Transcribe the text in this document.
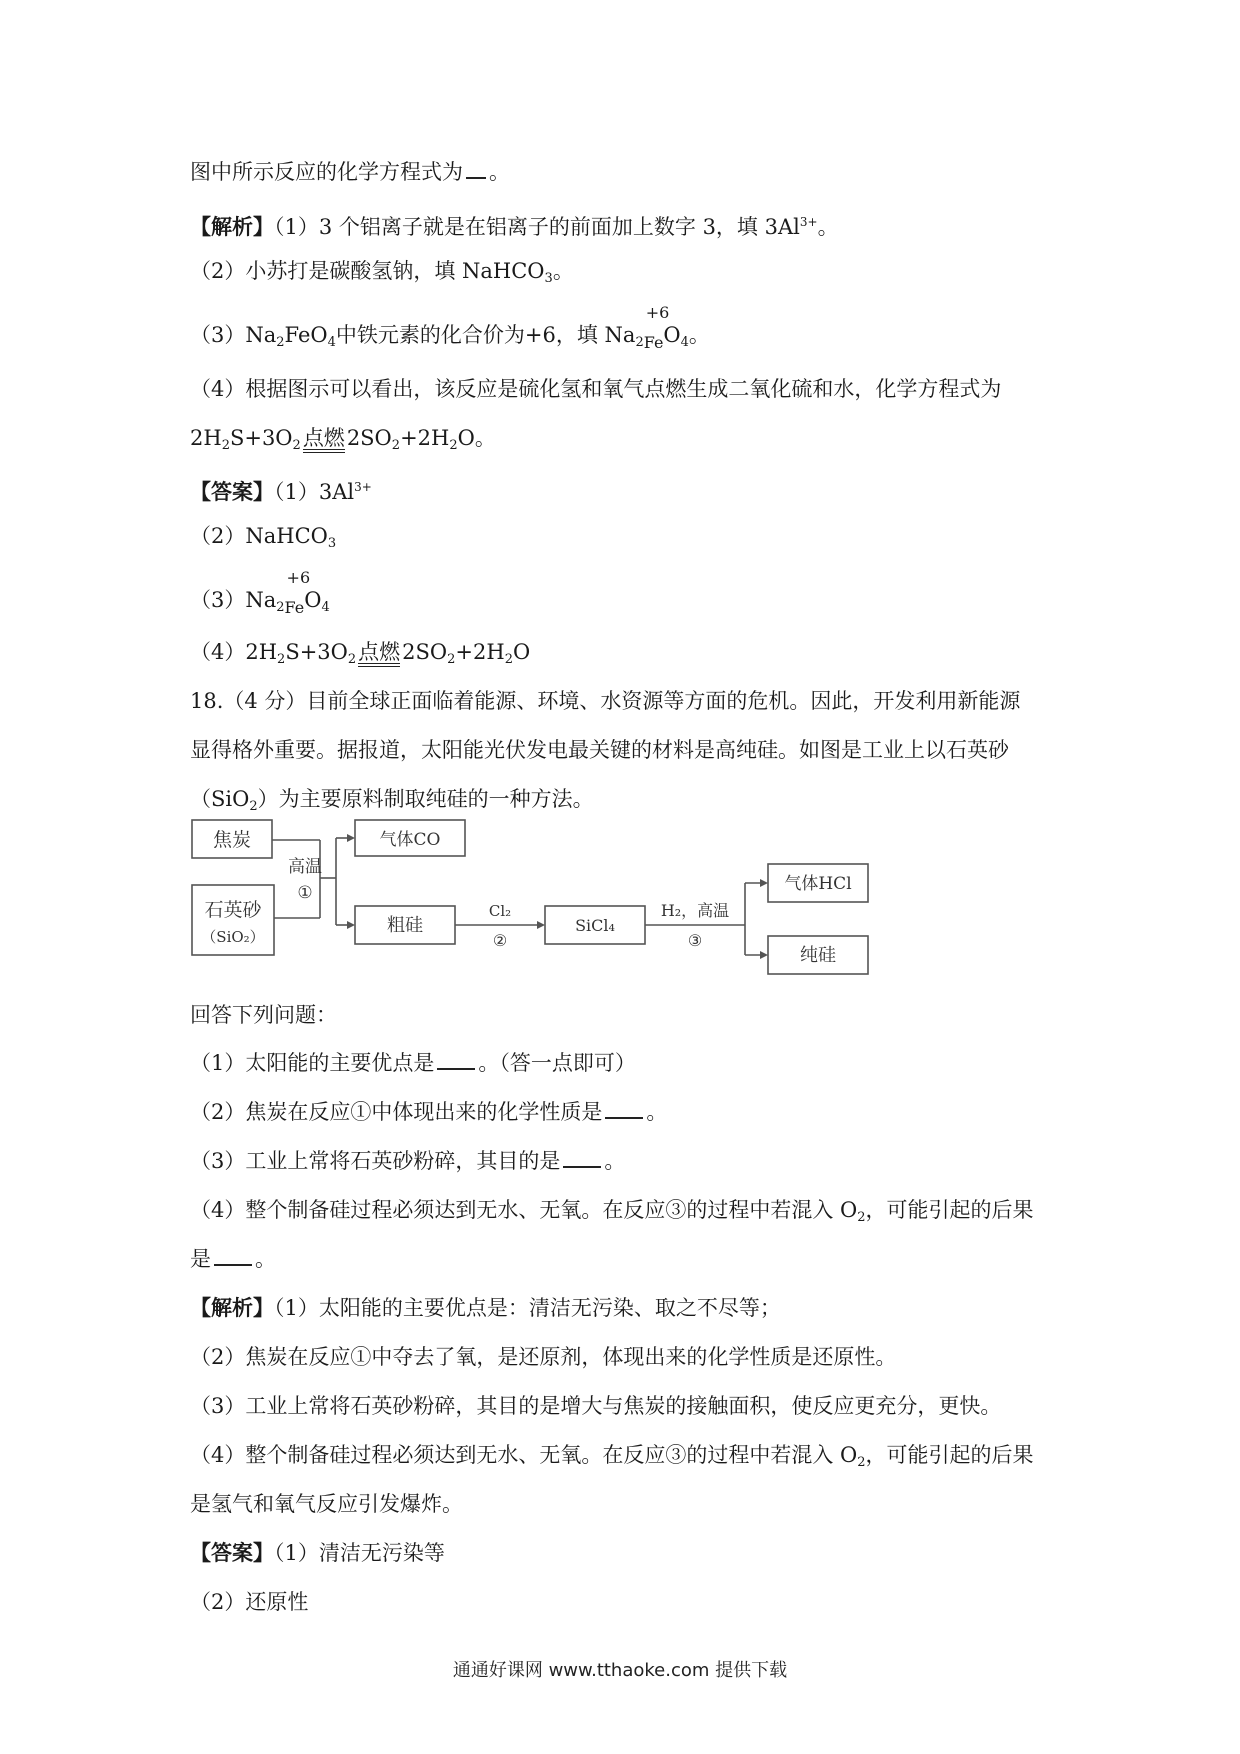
图中所示反应的化学方程式为 。
【解析】（1）3 个铝离子就是在铝离子的前面加上数字 3，填 $3Al^{3+}$。
（2）小苏打是碳酸氢钠，填 NaHCO$_3$。
$(3)Na_2FeO_4$中铁元素的化合价为+6，填 $Na_2$
+6
$_{Fe}O_4$。
（4）根据图示可以看出，该反应是硫化氢和氧气点燃生成二氧化硫和水，化学方程式为
$2H_2S+3O_2$点燃$2SO_2+2H_2O$。
【答案】$(1)3Al^{3+}$
（2）NaHCO$_3$
$(3)Na_2$
+6
$_{Fe}O_4$
$(4)2H_2S+3O_2$点燃$2SO_2+2H_2O$
18.（4 分）目前全球正面临着能源、环境、水资源等方面的危机。因此，开发利用新能源
显得格外重要。据报道，太阳能光伏发电最关键的材料是高纯硅。如图是工业上以石英砂
（SiO$_2$）为主要原料制取纯硅的一种方法。
焦炭
石英砂
（SiO₂）
高温
①
气体CO
粗硅
Cl₂
②
SiCl₄
H₂，高温
③
气体HCl
纯硅
回答下列问题：
（1）太阳能的主要优点是 。（答一点即可）
（2）焦炭在反应①中体现出来的化学性质是 。
（3）工业上常将石英砂粉碎，其目的是 。
（4）整个制备硅过程必须达到无水、无氧。在反应③的过程中若混入 $O_2$，可能引起的后果
是 。
【解析】（1）太阳能的主要优点是：清洁无污染、取之不尽等；
（2）焦炭在反应①中夺去了氧，是还原剂，体现出来的化学性质是还原性。
（3）工业上常将石英砂粉碎，其目的是增大与焦炭的接触面积，使反应更充分，更快。
（4）整个制备硅过程必须达到无水、无氧。在反应③的过程中若混入 $O_2$，可能引起的后果
是氢气和氧气反应引发爆炸。
【答案】（1）清洁无污染等
（2）还原性
通通好课网 www.tthaoke.com 提供下载
